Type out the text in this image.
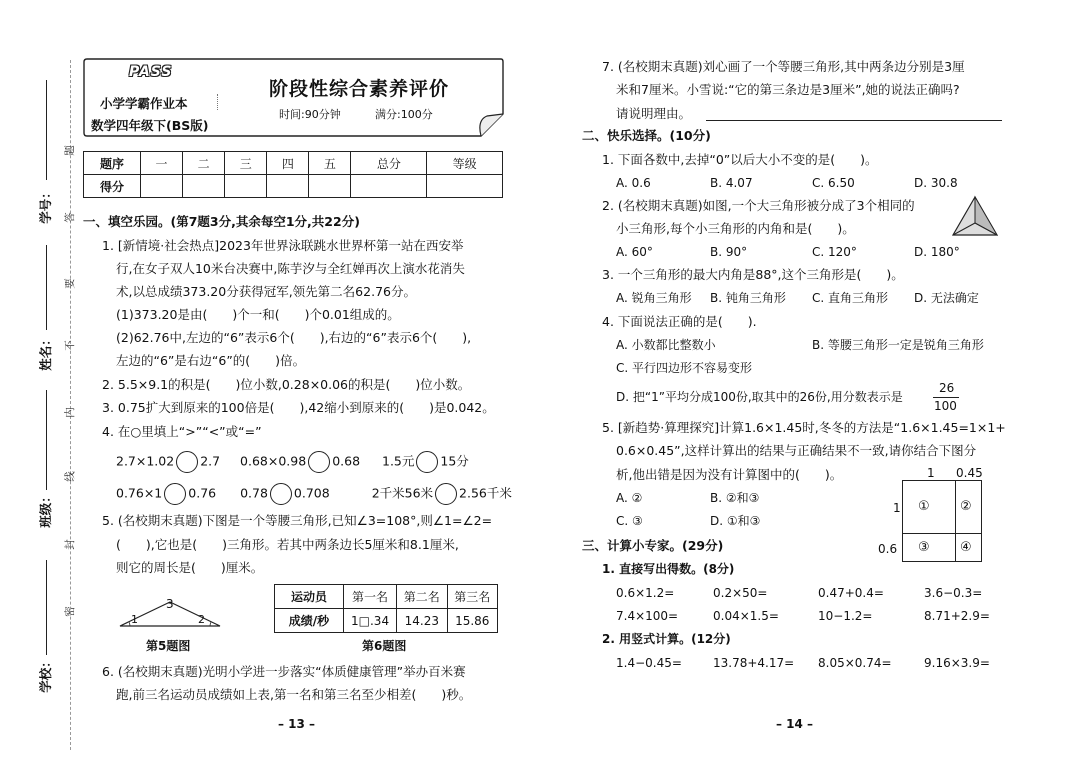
学号：
姓名：
班级：
学校：
题
答
要
不
内
线
封
密
PASS
小学学霸作业本
数学四年级下(BS版)
阶段性综合素养评价
时间:90分钟	满分:100分
题序	一	二	三	四	五	总分	等级
得分							
一、填空乐园。(第7题3分,其余每空1分,共22分)
1. [新情境·社会热点]2023年世界泳联跳水世界杯第一站在西安举
行,在女子双人10米台决赛中,陈芋汐与全红婵再次上演水花消失
术,以总成绩373.20分获得冠军,领先第二名62.76分。
(1)373.20是由(　　)个一和(　　)个0.01组成的。
(2)62.76中,左边的“6”表示6个(　　),右边的“6”表示6个(　　),
左边的“6”是右边“6”的(　　)倍。
2. 5.5×9.1的积是(　　)位小数,0.28×0.06的积是(　　)位小数。
3. 0.75扩大到原来的100倍是(　　),42缩小到原来的(　　)是0.042。
4. 在○里填上“>”“<”或“=”
2.7×1.02 2.7 0.68×0.98 0.68 1.5元 15分
0.76×1 0.76 0.78 0.708	2千米56米 2.56千米
5. (名校期末真题)下图是一个等腰三角形,已知∠3=108°,则∠1=∠2=
(　　),它也是(　　)三角形。若其中两条边长5厘米和8.1厘米,
则它的周长是(　　)厘米。
3
1	2
第5题图
运动员	第一名	第二名	第三名
成绩/秒	1□.34	14.23	15.86
第6题图
6. (名校期末真题)光明小学进一步落实“体质健康管理”举办百米赛
跑,前三名运动员成绩如上表,第一名和第三名至少相差(　　)秒。
– 13 –
7. (名校期末真题)刘心画了一个等腰三角形,其中两条边分别是3厘
米和7厘米。小雪说:“它的第三条边是3厘米”,她的说法正确吗?
请说明理由。
二、快乐选择。(10分)
1. 下面各数中,去掉“0”以后大小不变的是(　　)。
A. 0.6	B. 4.07	C. 6.50	D. 30.8
2. (名校期末真题)如图,一个大三角形被分成了3个相同的
小三角形,每个小三角形的内角和是(　　)。
A. 60°	B. 90°	C. 120°	D. 180°
3. 一个三角形的最大内角是88°,这个三角形是(　　)。
A. 锐角三角形 B. 钝角三角形 C. 直角三角形 D. 无法确定
4. 下面说法正确的是(　　).
A. 小数都比整数小	B. 等腰三角形一定是锐角三角形
C. 平行四边形不容易变形
D. 把“1”平均分成100份,取其中的26份,用分数表示是
26
100
5. [新趋势·算理探究]计算1.6×1.45时,冬冬的方法是“1.6×1.45=1×1+
0.6×0.45”,这样计算出的结果与正确结果不一致,请你结合下图分
析,他出错是因为没有计算图中的(　　)。
A. ②	B. ②和③
C. ③	D. ①和③
1 0.45
1
0.6
① ②
③ ④
三、计算小专家。(29分)
1. 直接写出得数。(8分)
0.6×1.2=	0.2×50=	0.47+0.4=	3.6−0.3=
7.4×100=	0.04×1.5=	10−1.2=	8.71+2.9=
2. 用竖式计算。(12分)
1.4−0.45=	13.78+4.17= 8.05×0.74=	9.16×3.9=
– 14 –
